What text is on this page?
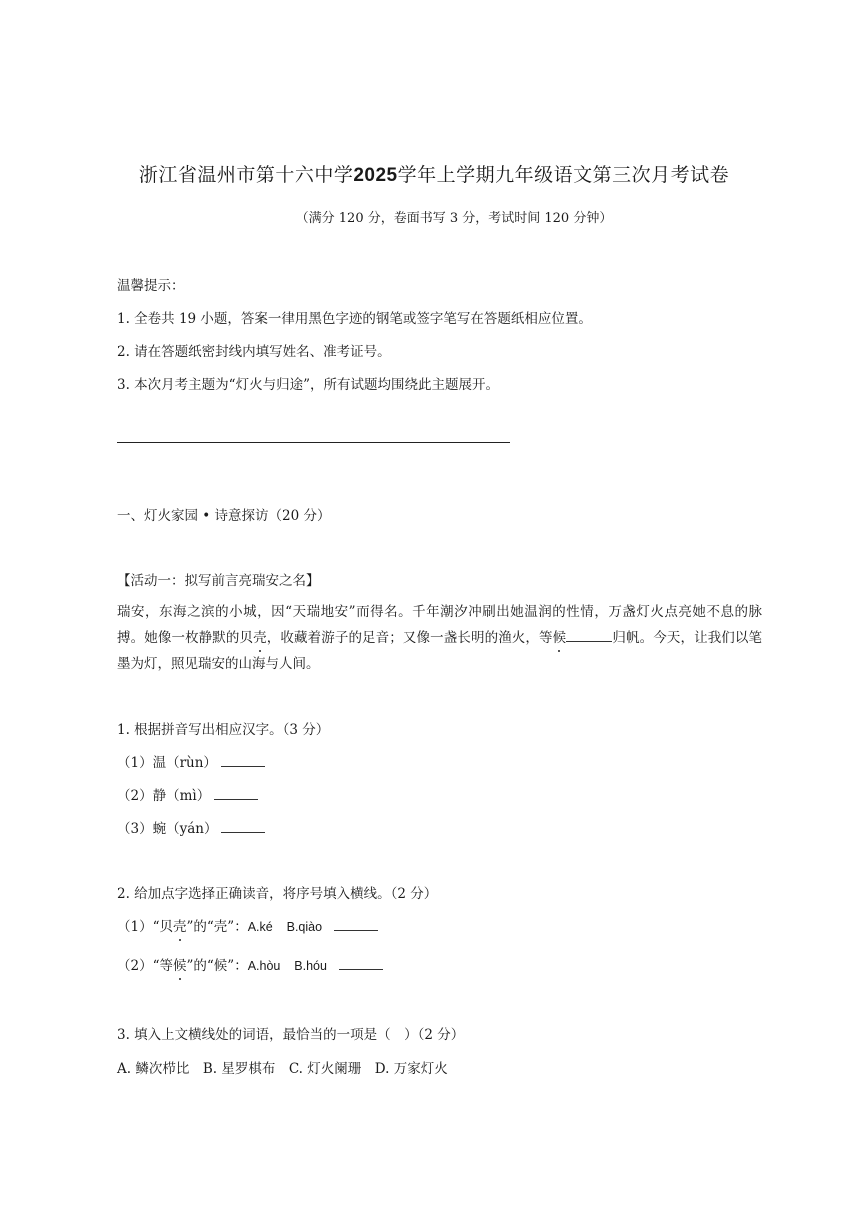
浙江省温州市第十六中学2025学年上学期九年级语文第三次月考试卷
（满分 120 分，卷面书写 3 分，考试时间 120 分钟）
温馨提示：
1. 全卷共 19 小题，答案一律用黑色字迹的钢笔或签字笔写在答题纸相应位置。
2. 请在答题纸密封线内填写姓名、准考证号。
3. 本次月考主题为“灯火与归途”，所有试题均围绕此主题展开。
一、灯火家园 • 诗意探访（20 分）
【活动一：拟写前言亮瑞安之名】
瑞安，东海之滨的小城，因“天瑞地安”而得名。千年潮汐冲刷出她温润的性情，万盏灯火点亮她不息的脉搏。她像一枚静默的贝壳，收藏着游子的足音；又像一盏长明的渔火，等候	归帆。今天，让我们以笔墨为灯，照见瑞安的山海与人间。
1. 根据拼音写出相应汉字。（3 分）
（1）温（rùn）
（2）静（mì）
（3）蜿（yán）
2. 给加点字选择正确读音，将序号填入横线。（2 分）
（1）“贝壳”的“壳”：A.ké    B.qiào
（2）“等候”的“候”：A.hòu    B.hóu
3. 填入上文横线处的词语，最恰当的一项是（　）（2 分）
A. 鳞次栉比　B. 星罗棋布　C. 灯火阑珊　D. 万家灯火
